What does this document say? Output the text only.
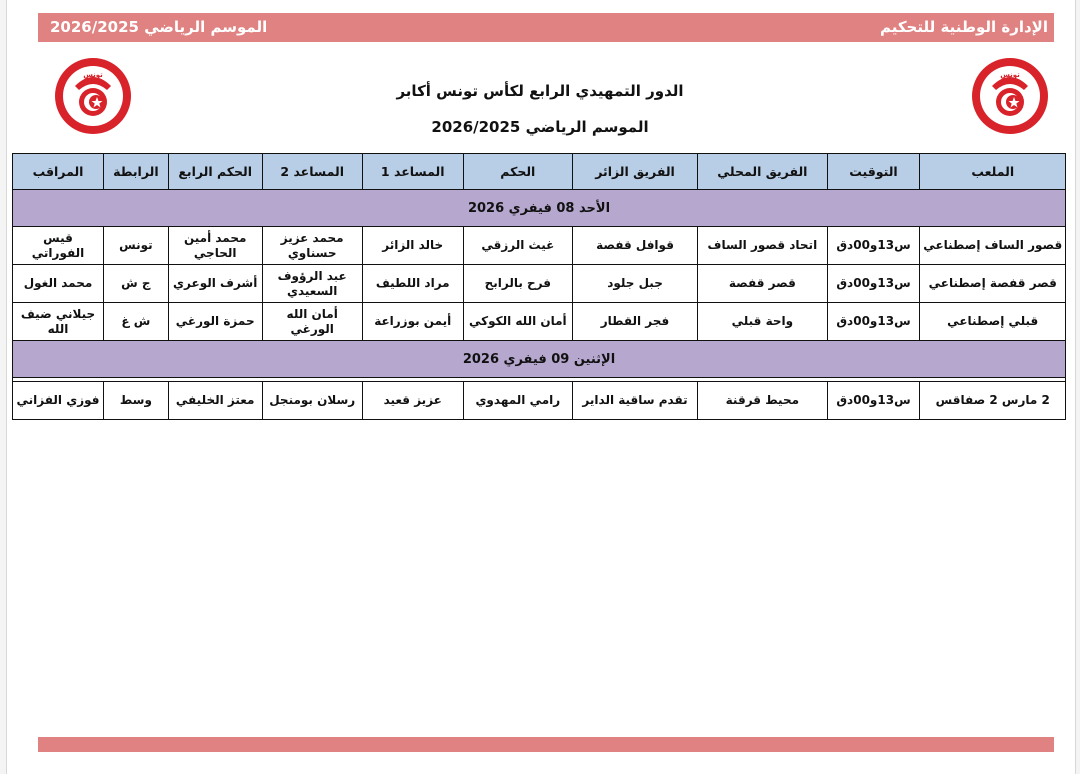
الإدارة الوطنية للتحكيم
الموسم الرياضي 2026/2025
تونس	تونس
الدور التمهيدي الرابع لكأس تونس أكابر
الموسم الرياضي 2026/2025
الملعب	التوقيت	الفريق المحلي	الفريق الزائر	الحكم	المساعد 1	المساعد 2	الحكم الرابع	الرابطة	المراقب
الأحد 08 فيفري 2026									
قصور الساف إصطناعي	س13و00دق	اتحاد قصور الساف	قوافل قفصة	غيث الرزقي	خالد الزائر	محمد عزيز حسناوي	محمد أمين الحاجي	تونس	قيس الفوراتي
قصر قفصة إصطناعي	س13و00دق	قصر قفصة	جبل جلود	فرح بالرابح	مراد اللطيف	عبد الرؤوف السعيدي	أشرف الوعري	ج ش	محمد الغول
قبلي إصطناعي	س13و00دق	واحة قبلي	فجر القطار	أمان الله الكوكي	أيمن بوزراعة	أمان الله الورغي	حمزة الورغي	ش غ	جيلاني ضيف الله
الإثنين 09 فيفري 2026									

2 مارس 2 صفاقس	س13و00دق	محيط قرقنة	تقدم ساقية الداير	رامي المهدوي	عزيز قعيد	رسلان بومنجل	معتز الخليفي	وسط	فوزي الفزاني
